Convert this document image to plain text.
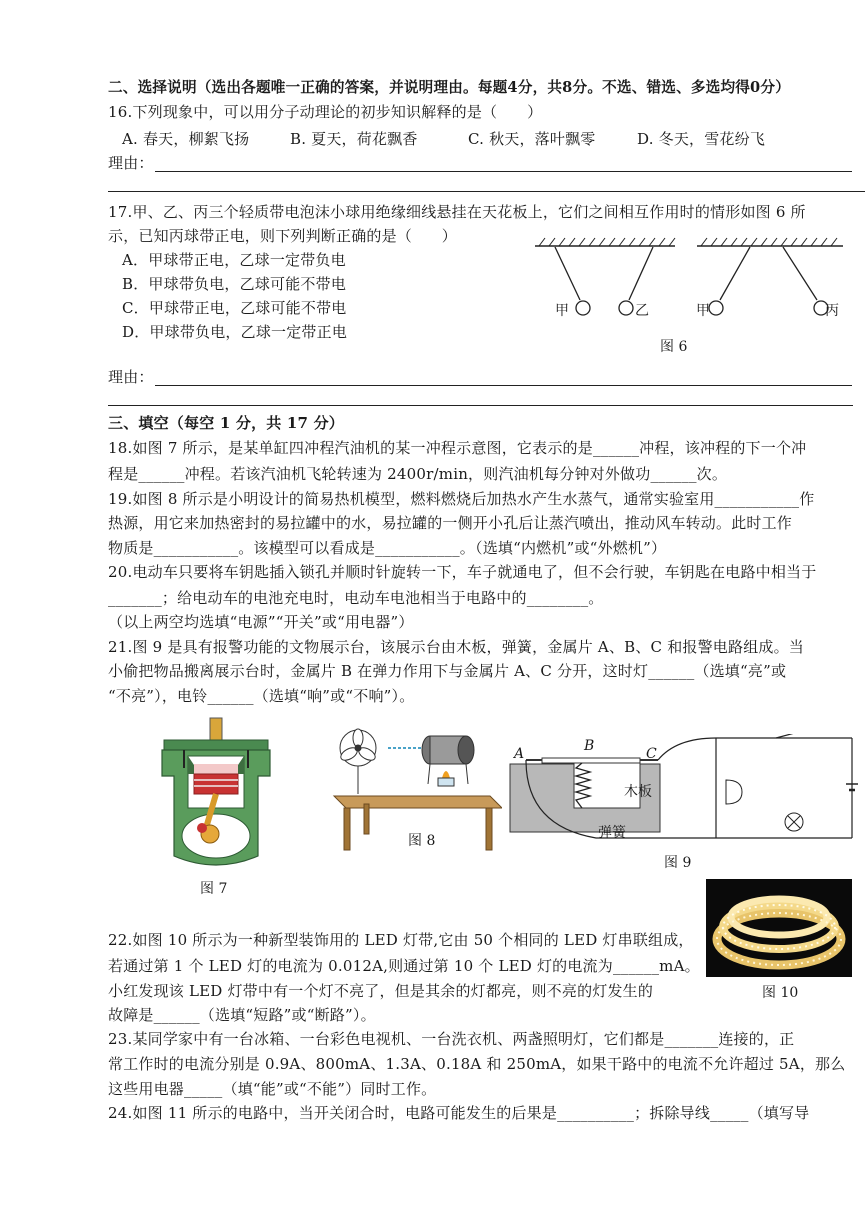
二、选择说明（选出各题唯一正确的答案，并说明理由。每题4分，共8分。不选、错选、多选均得0分）
16.下列现象中，可以用分子动理论的初步知识解释的是（      ）
A. 春天，柳絮飞扬	B. 夏天，荷花飘香	C. 秋天，落叶飘零	D. 冬天，雪花纷飞
理由：
17.甲、乙、丙三个轻质带电泡沫小球用绝缘细线悬挂在天花板上，它们之间相互作用时的情形如图 6 所
示，已知丙球带正电，则下列判断正确的是（      ）
A．甲球带正电，乙球一定带负电
B．甲球带负电，乙球可能不带电
C．甲球带正电，乙球可能不带电
D．甲球带负电，乙球一定带正电
甲	乙	甲	丙
图 6
理由：
三、填空（每空 1 分，共 17 分）
18.如图 7 所示，是某单缸四冲程汽油机的某一冲程示意图，它表示的是______冲程，该冲程的下一个冲
程是______冲程。若该汽油机飞轮转速为 2400r/min，则汽油机每分钟对外做功______次。
19.如图 8 所示是小明设计的简易热机模型，燃料燃烧后加热水产生水蒸气，通常实验室用___________作
热源，用它来加热密封的易拉罐中的水，易拉罐的一侧开小孔后让蒸汽喷出，推动风车转动。此时工作
物质是___________。该模型可以看成是___________。（选填“内燃机”或“外燃机”）
20.电动车只要将车钥匙插入锁孔并顺时针旋转一下，车子就通电了，但不会行驶，车钥匙在电路中相当于
_______；给电动车的电池充电时，电动车电池相当于电路中的________。
（以上两空均选填“电源”“开关”或“用电器”）
21.图 9 是具有报警功能的文物展示台，该展示台由木板，弹簧，金属片 A、B、C 和报警电路组成。当
小偷把物品搬离展示台时，金属片 B 在弹力作用下与金属片 A、C 分开，这时灯______（选填“亮”或
“不亮”），电铃______（选填“响”或“不响”）。
图 7
图 8
A	B	C
木板
弹簧
图 9
图 10
22.如图 10 所示为一种新型装饰用的 LED 灯带,它由 50 个相同的 LED 灯串联组成，
若通过第 1 个 LED 灯的电流为 0.012A,则通过第 10 个 LED 灯的电流为______mA。
小红发现该 LED 灯带中有一个灯不亮了，但是其余的灯都亮，则不亮的灯发生的
故障是______（选填“短路”或“断路”）。
23.某同学家中有一台冰箱、一台彩色电视机、一台洗衣机、两盏照明灯，它们都是_______连接的，正
常工作时的电流分别是 0.9A、800mA、1.3A、0.18A 和 250mA，如果干路中的电流不允许超过 5A，那么
这些用电器_____（填“能”或“不能”）同时工作。
24.如图 11 所示的电路中，当开关闭合时，电路可能发生的后果是__________；拆除导线_____（填写导
